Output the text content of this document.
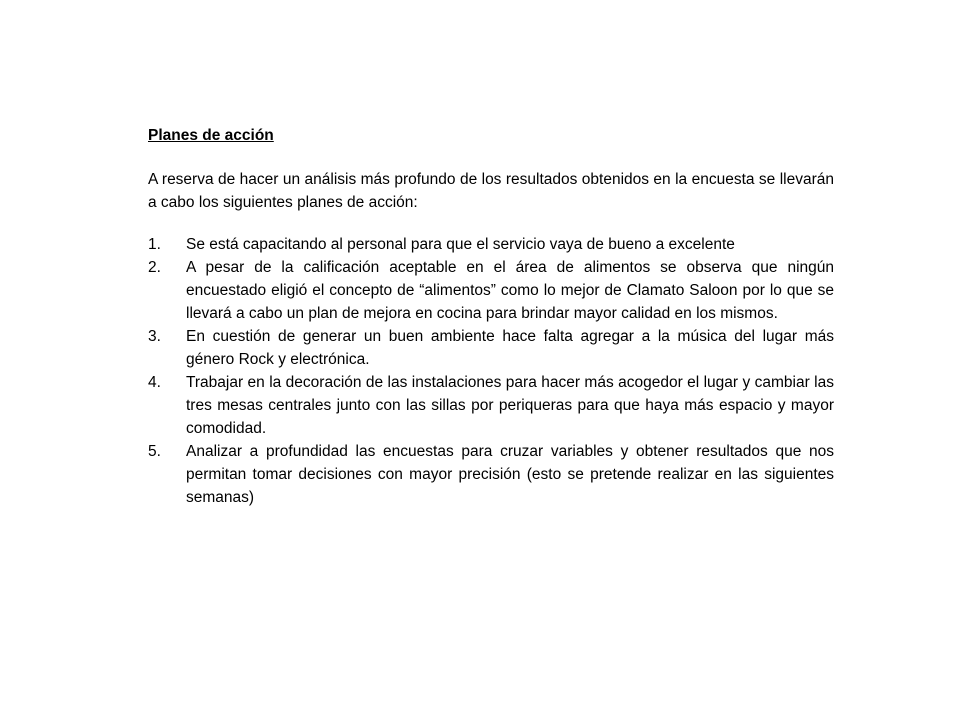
Planes de acción

A reserva de hacer un análisis más profundo de los resultados obtenidos en la encuesta se llevarán a cabo los siguientes planes de acción:

1. Se está capacitando al personal para que el servicio vaya de bueno a excelente
2. A pesar de la calificación aceptable en el área de alimentos se observa que ningún encuestado eligió el concepto de “alimentos” como lo mejor de Clamato Saloon por lo que se llevará a cabo un plan de mejora en cocina para brindar mayor calidad en los mismos.
3. En cuestión de generar un buen ambiente hace falta agregar a la música del lugar más género Rock y electrónica.
4. Trabajar en la decoración de las instalaciones para hacer más acogedor el lugar y cambiar las tres mesas centrales junto con las sillas por periqueras para que haya más espacio y mayor comodidad.
5. Analizar a profundidad las encuestas para cruzar variables y obtener resultados que nos permitan tomar decisiones con mayor precisión (esto se pretende realizar en las siguientes semanas)
